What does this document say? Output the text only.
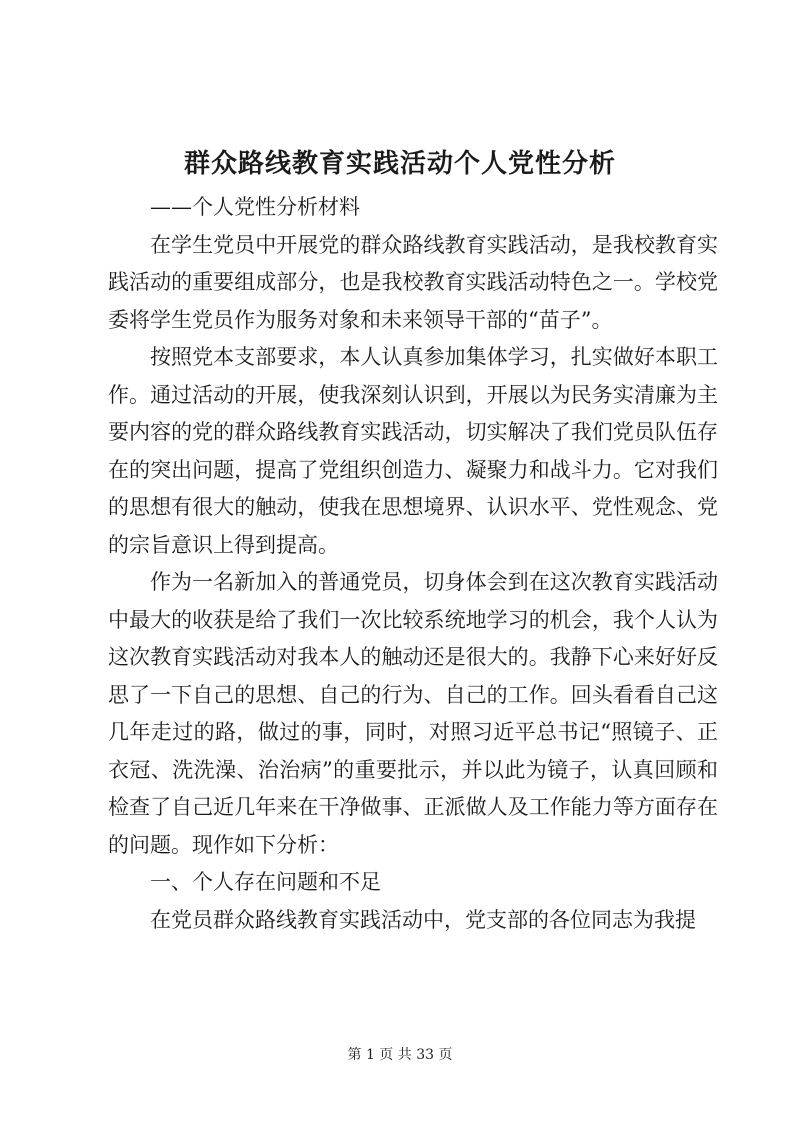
群众路线教育实践活动个人党性分析

——个人党性分析材料

在学生党员中开展党的群众路线教育实践活动，是我校教育实践活动的重要组成部分，也是我校教育实践活动特色之一。学校党委将学生党员作为服务对象和未来领导干部的“苗子”。

按照党本支部要求，本人认真参加集体学习，扎实做好本职工作。通过活动的开展，使我深刻认识到，开展以为民务实清廉为主要内容的党的群众路线教育实践活动，切实解决了我们党员队伍存在的突出问题，提高了党组织创造力、凝聚力和战斗力。它对我们的思想有很大的触动，使我在思想境界、认识水平、党性观念、党的宗旨意识上得到提高。

作为一名新加入的普通党员，切身体会到在这次教育实践活动中最大的收获是给了我们一次比较系统地学习的机会，我个人认为这次教育实践活动对我本人的触动还是很大的。我静下心来好好反思了一下自己的思想、自己的行为、自己的工作。回头看看自己这几年走过的路，做过的事，同时，对照习近平总书记“照镜子、正衣冠、洗洗澡、治治病”的重要批示，并以此为镜子，认真回顾和检查了自己近几年来在干净做事、正派做人及工作能力等方面存在的问题。现作如下分析：

一、个人存在问题和不足

在党员群众路线教育实践活动中，党支部的各位同志为我提

第 1 页 共 33 页
